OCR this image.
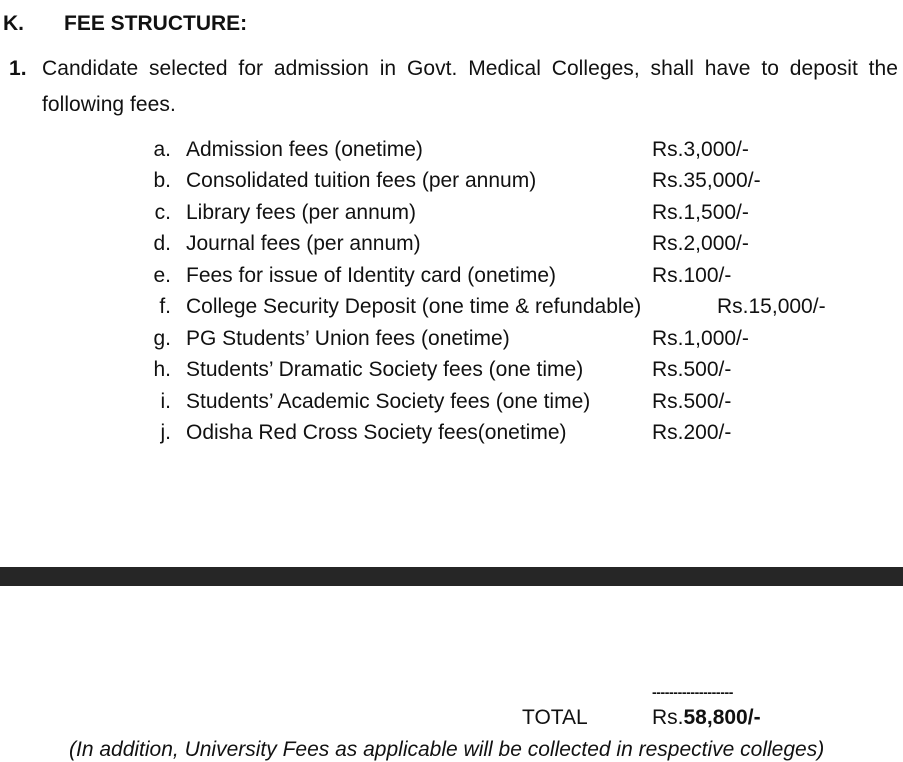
K. FEE STRUCTURE:
1. Candidate selected for admission in Govt. Medical Colleges, shall have to deposit the
following fees.
a. Admission fees (onetime)	Rs.3,000/-
b. Consolidated tuition fees (per annum)	Rs.35,000/-
c. Library fees (per annum)	Rs.1,500/-
d. Journal fees (per annum)	Rs.2,000/-
e. Fees for issue of Identity card (onetime)	Rs.100/-
f. College Security Deposit (one time & refundable)	Rs.15,000/-
g. PG Students’ Union fees (onetime)	Rs.1,000/-
h. Students’ Dramatic Society fees (one time)	Rs.500/-
i. Students’ Academic Society fees (one time)	Rs.500/-
j. Odisha Red Cross Society fees(onetime)	Rs.200/-
-------------------
TOTAL	Rs.58,800/-
(In addition, University Fees as applicable will be collected in respective colleges)
